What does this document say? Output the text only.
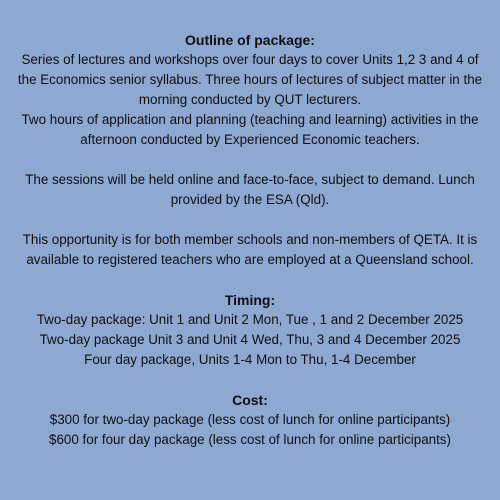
Outline of package:

Series of lectures and workshops over four days to cover Units 1,2 3 and 4 of

the Economics senior syllabus. Three hours of lectures of subject matter in the

morning conducted by QUT lecturers.

Two hours of application and planning (teaching and learning) activities in the

afternoon conducted by Experienced Economic teachers.

The sessions will be held online and face-to-face, subject to demand. Lunch

provided by the ESA (Qld).

This opportunity is for both member schools and non-members of QETA. It is

available to registered teachers who are employed at a Queensland school.

Timing:

Two-day package: Unit 1 and Unit 2 Mon, Tue , 1 and 2 December 2025

Two-day package Unit 3 and Unit 4 Wed, Thu, 3 and 4 December 2025

Four day package, Units 1-4 Mon to Thu, 1-4 December

Cost:

$300 for two-day package (less cost of lunch for online participants)

$600 for four day package (less cost of lunch for online participants)
